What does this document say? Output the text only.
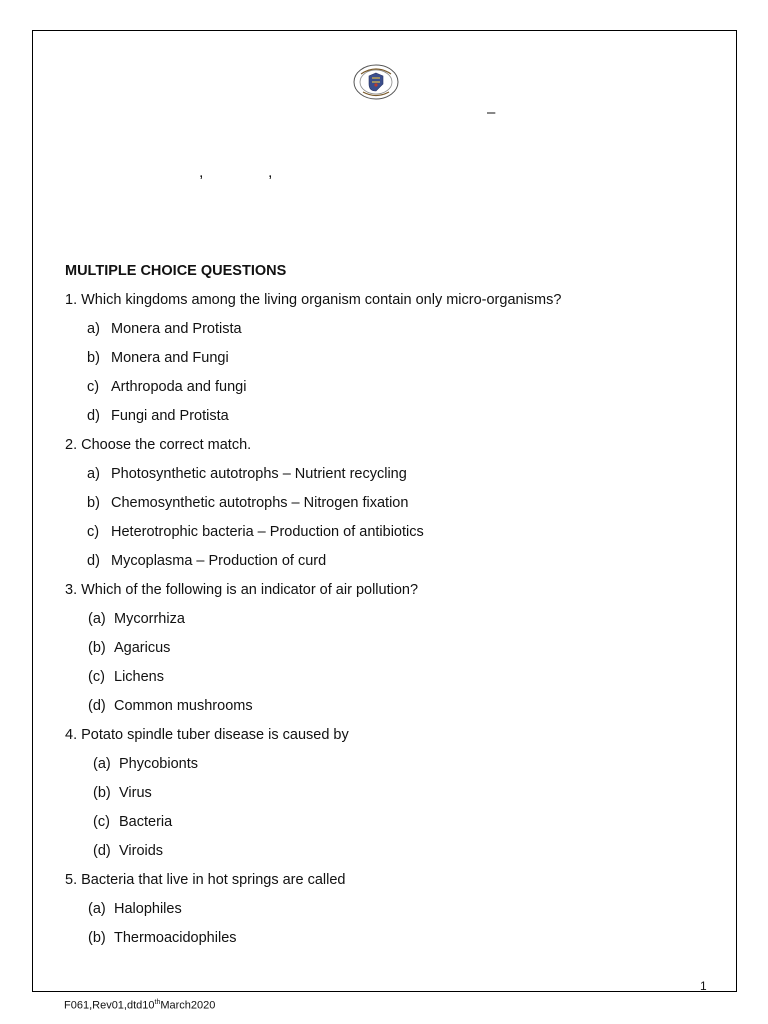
–
,	,
MULTIPLE CHOICE QUESTIONS
1. Which kingdoms among the living organism contain only micro-organisms?
a) Monera and Protista
b) Monera and Fungi
c) Arthropoda and fungi
d) Fungi and Protista
2. Choose the correct match.
a) Photosynthetic autotrophs – Nutrient recycling
b) Chemosynthetic autotrophs – Nitrogen fixation
c) Heterotrophic bacteria – Production of antibiotics
d) Mycoplasma – Production of curd
3. Which of the following is an indicator of air pollution?
(a) Mycorrhiza
(b) Agaricus
(c) Lichens
(d) Common mushrooms
4. Potato spindle tuber disease is caused by
(a) Phycobionts
(b) Virus
(c) Bacteria
(d) Viroids
5. Bacteria that live in hot springs are called
(a) Halophiles
(b) Thermoacidophiles
1
F061,Rev01,dtd10thMarch2020
